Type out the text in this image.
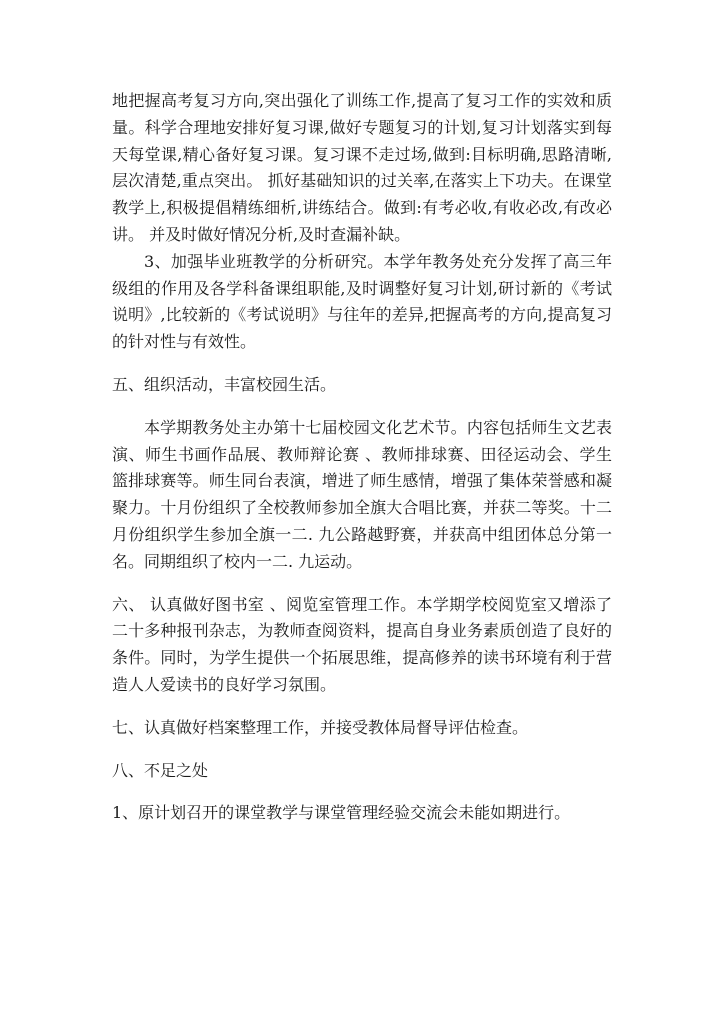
地把握高考复习方向,突出强化了训练工作,提高了复习工作的实效和质量。科学合理地安排好复习课,做好专题复习的计划,复习计划落实到每天每堂课,精心备好复习课。复习课不走过场,做到:目标明确,思路清晰,层次清楚,重点突出。 抓好基础知识的过关率,在落实上下功夫。在课堂教学上,积极提倡精练细析,讲练结合。做到:有考必收,有收必改,有改必讲。 并及时做好情况分析,及时查漏补缺。

3、加强毕业班教学的分析研究。本学年教务处充分发挥了高三年级组的作用及各学科备课组职能,及时调整好复习计划,研讨新的《考试说明》,比较新的《考试说明》与往年的差异,把握高考的方向,提高复习的针对性与有效性。

五、组织活动，丰富校园生活。

本学期教务处主办第十七届校园文化艺术节。内容包括师生文艺表演、师生书画作品展、教师辩论赛 、教师排球赛、田径运动会、学生篮排球赛等。师生同台表演，增进了师生感情，增强了集体荣誉感和凝聚力。十月份组织了全校教师参加全旗大合唱比赛，并获二等奖。十二月份组织学生参加全旗一二. 九公路越野赛，并获高中组团体总分第一名。同期组织了校内一二. 九运动。

六、 认真做好图书室 、阅览室管理工作。本学期学校阅览室又增添了二十多种报刊杂志，为教师查阅资料，提高自身业务素质创造了良好的条件。同时，为学生提供一个拓展思维，提高修养的读书环境有利于营造人人爱读书的良好学习氛围。

七、认真做好档案整理工作，并接受教体局督导评估检查。

八、不足之处

1、原计划召开的课堂教学与课堂管理经验交流会未能如期进行。
